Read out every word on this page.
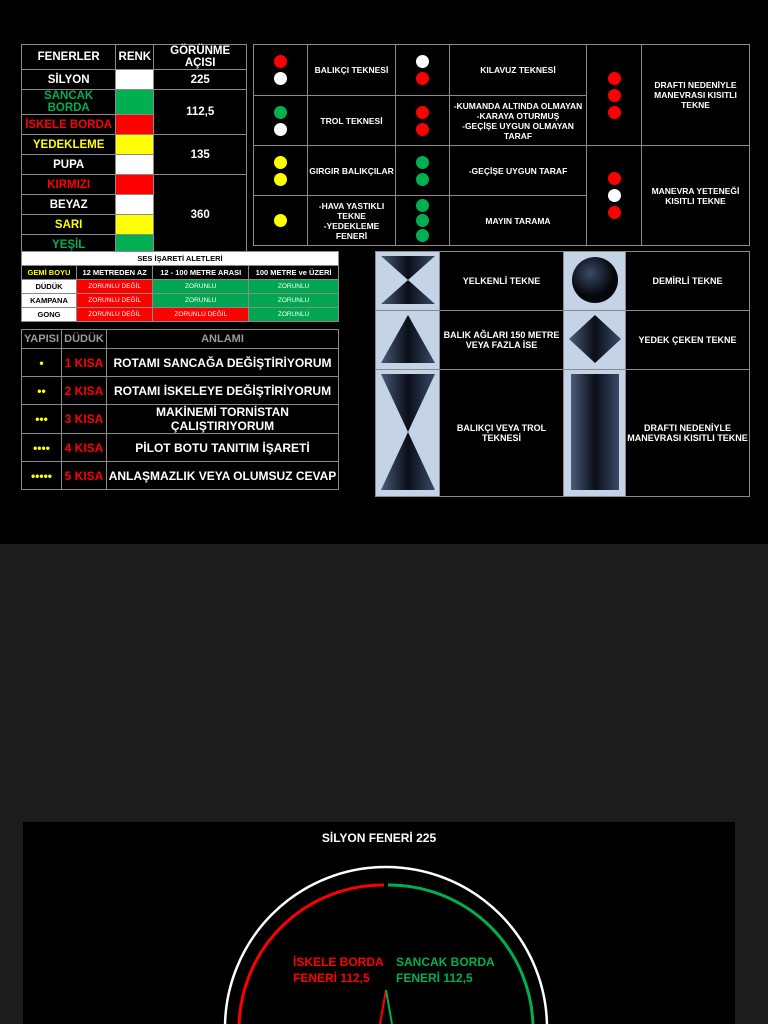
FENERLER	RENK	GÖRÜNME AÇISI
SİLYON		225
SANCAK BORDA		112,5
İSKELE BORDA		
YEDEKLEME		135
PUPA		
KIRMIZI		360
BEYAZ		
SARI		
YEŞİL		
	BALIKÇI TEKNESİ		KILAVUZ TEKNESİ		DRAFTI NEDENİYLE MANEVRASI KISITLI TEKNE

	TROL TEKNESİ		-KUMANDA ALTINDA OLMAYAN
-KARAYA OTURMUŞ
-GEÇİŞE UYGUN OLMAYAN TARAF		

	GIRGIR BALIKÇILAR		-GEÇİŞE UYGUN TARAF		MANEVRA YETENEĞİ KISITLI TEKNE

	-HAVA YASTIKLI TEKNE
-YEDEKLEME FENERİ		MAYIN TARAMA		
SES İŞARETİ ALETLERİ			
GEMİ BOYU	12 METREDEN AZ	12 - 100 METRE ARASI	100 METRE ve ÜZERİ
DÜDÜK	ZORUNLU DEĞİL	ZORUNLU	ZORUNLU
KAMPANA	ZORUNLU DEĞİL	ZORUNLU	ZORUNLU
GONG	ZORUNLU DEĞİL	ZORUNLU DEĞİL	ZORUNLU
YAPISI	DÜDÜK	ANLAMI
•	1 KISA	ROTAMI SANCAĞA DEĞİŞTİRİYORUM
••	2 KISA	ROTAMI İSKELEYE DEĞİŞTİRİYORUM
•••	3 KISA	MAKİNEMİ TORNİSTAN ÇALIŞTIRIYORUM
••••	4 KISA	PİLOT BOTU TANITIM İŞARETİ
•••••	5 KISA	ANLAŞMAZLIK VEYA OLUMSUZ CEVAP
	YELKENLİ TEKNE		DEMİRLİ TEKNE
	BALIK AĞLARI 150 METRE VEYA FAZLA İSE		YEDEK ÇEKEN TEKNE
	BALIKÇI VEYA TROL TEKNESİ		DRAFTI NEDENİYLE MANEVRASI KISITLI TEKNE
SİLYON FENERİ 225
İSKELE BORDA
FENERİ 112,5
SANCAK BORDA
FENERİ 112,5
